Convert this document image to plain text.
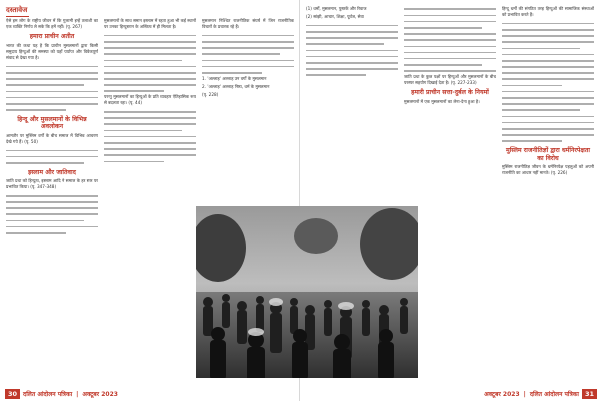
दस्तावेज

ऐसे हम लोग के राष्ट्रीय जीवन में कि गुलामी इन्हें तलाशी का एक व्यक्ति निर्णय ले सके कि हमें नहीं। (पृ. 267)

हमारा प्राचीन अतीत

भारत की कथा यह है कि प्राचीन मुसलमानों द्वारा किसी समुदाय हिन्दुओं की समस्या को यहाँ पर्याप्त और विवेकपूर्ण संवाद से देखा गया है।

हिन्दू और मुसलमानों के विभिन्न अवलोकन

आमतौर पर मुस्लिम वर्गों के बीच समाज में विभिन्न आचरण देखे गये हैं। (पृ. 50)

इस्लाम और जातिवाद

जाति प्रथा को हिन्दुत्व, इस्लाम आदि ने समाज के हर स्तर पर प्रभावित किया। (पृ. 347-348)

मुसलमानों के साथ समान इस्लाम में रहता हुआ भी कई स्थानों पर उनका हिन्दुस्तान के अस्तित्व में ही मिलता है।

परन्तु मुसलमानों का हिन्दुओं के प्रति व्यवहार ऐतिहासिक रूप से बदलता रहा। (पृ. 44)

मुसलमान निश्चित राजनीतिक संघर्ष में जिन राजनीतिक विचारों के प्रचारक रहे हैं।

1. 'अल्लाह' अल्लाह उन वर्गों के मुसलमान

2. 'अल्लाह' अल्लाह निष्ठा, धर्म के मुसलमान

(पृ. 228)

30	दलित आंदोलन पत्रिका | अक्टूबर 2023

(1) धर्मों, मुसलमान, पुस्तकें और रिवाज

(2) सांझी, आचार, शिक्षा, पूर्वज, सेवा

जाति प्रथा के कुछ पक्षों पर हिन्दुओं और मुसलमानों के बीच परस्पर सहयोग दिखाई देता है। (पृ. 227-233)

हमारी प्राचीन सत्ता-दुर्बल के नियमों

मुसलमानों में एक मुसलमानों का लेना-देना हुआ है।

हिन्दू धर्मों की संगठित तरह हिन्दुओं की सामाजिक संस्थाओं को प्रभावित करते हैं।

मुस्लिम राजनीतिज्ञों द्वारा धर्मनिरपेक्षता का विरोध

मुस्लिम राजनीतिज्ञ जीवन के धर्मनिरपेक्ष पहलुओं को अपनी राजनीति का आधार नहीं मानते। (पृ. 226)

अक्टूबर 2023 | दलित आंदोलन पत्रिका 31
